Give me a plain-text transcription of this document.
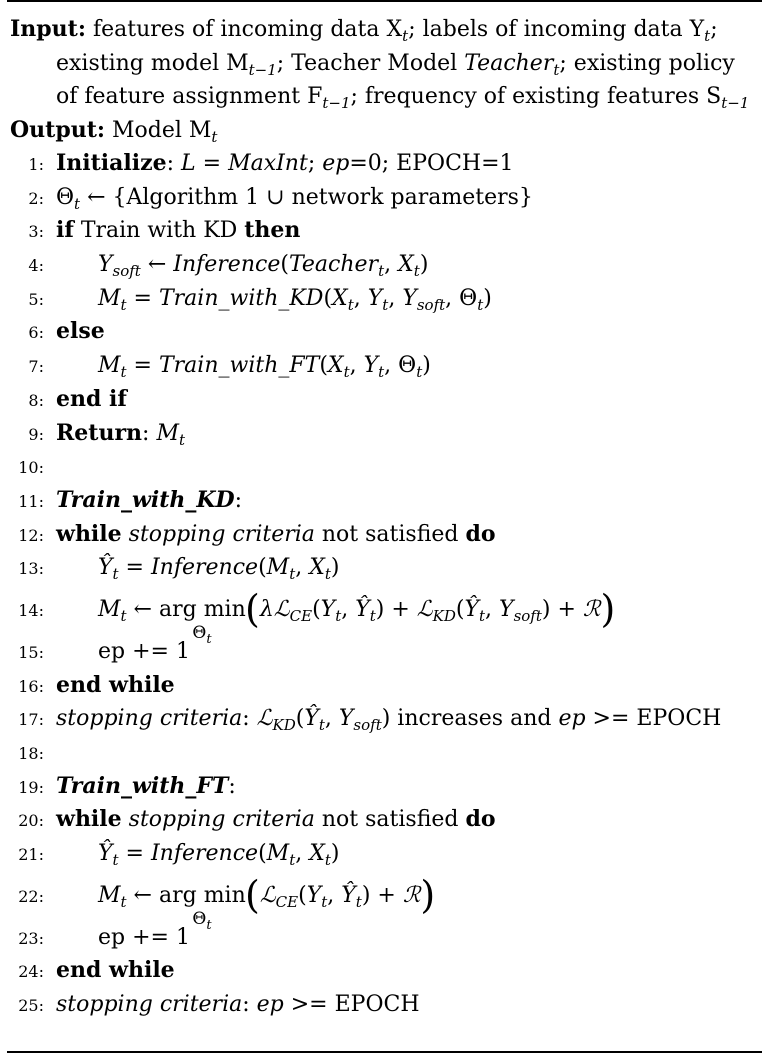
Input: features of incoming data $X_t$; labels of incoming data $Y_t$;
existing model $M_{t-1}$; Teacher Model Teacher$_t$; existing policy
of feature assignment $F_{t-1}$; frequency of existing features $S_{t-1}$
Output: Model $M_t$
1: Initialize: L = MaxInt; ep=0; EPOCH=1
2: $\Theta_t$ ← {Algorithm 1 ∪ network parameters}
3: if Train with KD then
4: $Y_{soft}$ ← Inference(Teacher$_t$, $X_t$)
5: $M_t$ = $Train\_with\_KD(X_t$, $Y_t$, $Y_{soft}$, $\Theta_t$)
6: else
7: $M_t$ = $Train\_with\_FT(X_t$, $Y_t$, $\Theta_t$)
8: end if
9: Return: $M_t$
10:
11: Train_with_KD:
12: while stopping criteria not satisfied do
13: $Ŷ_t$ = $Inference(M_t$, $X_t$)
14: $M_t$ ← arg min
$\Theta_t$
($\lambda ℒ_{CE}(Y_t$, $Ŷ_t$) + $ℒ_{KD}(Ŷ_t$, $Y_{soft}$) + ℛ)
15: ep += 1
16: end while
17: stopping criteria: $ℒ_{KD}(Ŷ_t$, $Y_{soft}$) increases and ep >= EPOCH
18:
19: Train_with_FT:
20: while stopping criteria not satisfied do
21: $Ŷ_t$ = $Inference(M_t$, $X_t$)
22: $M_t$ ← arg min
$\Theta_t$
($ℒ_{CE}(Y_t$, $Ŷ_t$) + ℛ)
23: ep += 1
24: end while
25: stopping criteria: ep >= EPOCH
